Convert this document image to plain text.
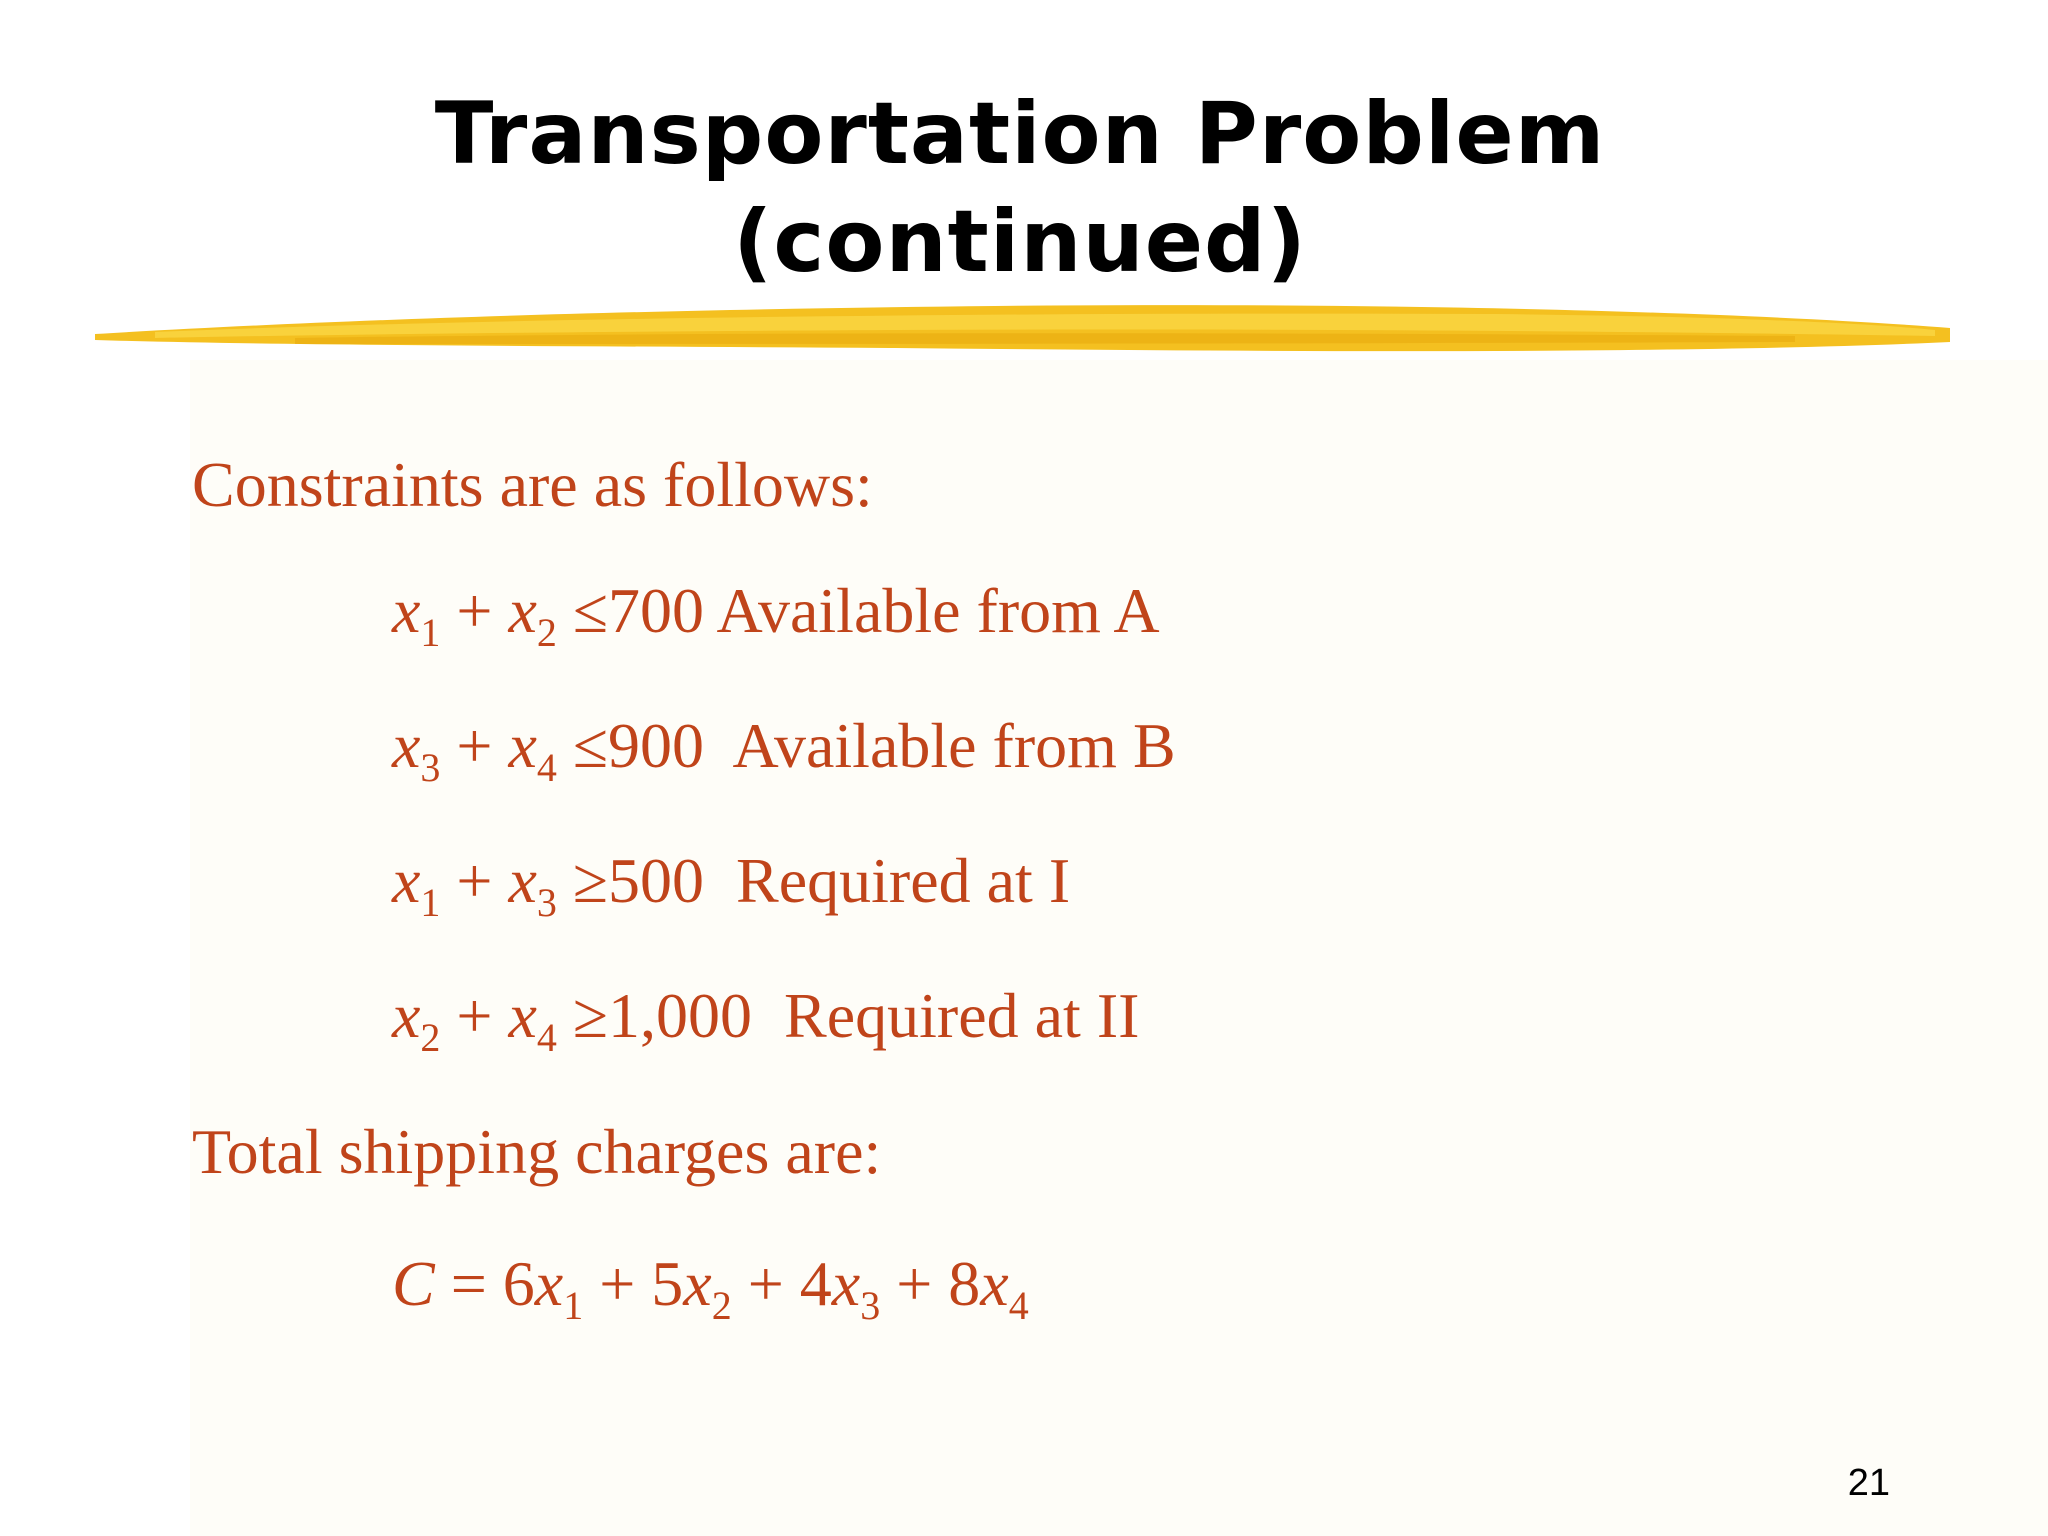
Transportation Problem
(continued)
Constraints are as follows:
$x_1 + x_2 \le 700$ Available from A
$x_3 + x_4 \le 900$ Available from B
$x_1 + x_3 \ge 500$ Required at I
$x_2 + x_4 \ge 1,000$ Required at II
Total shipping charges are:
$C = 6x_1 + 5x_2 + 4x_3 + 8x_4$
21
